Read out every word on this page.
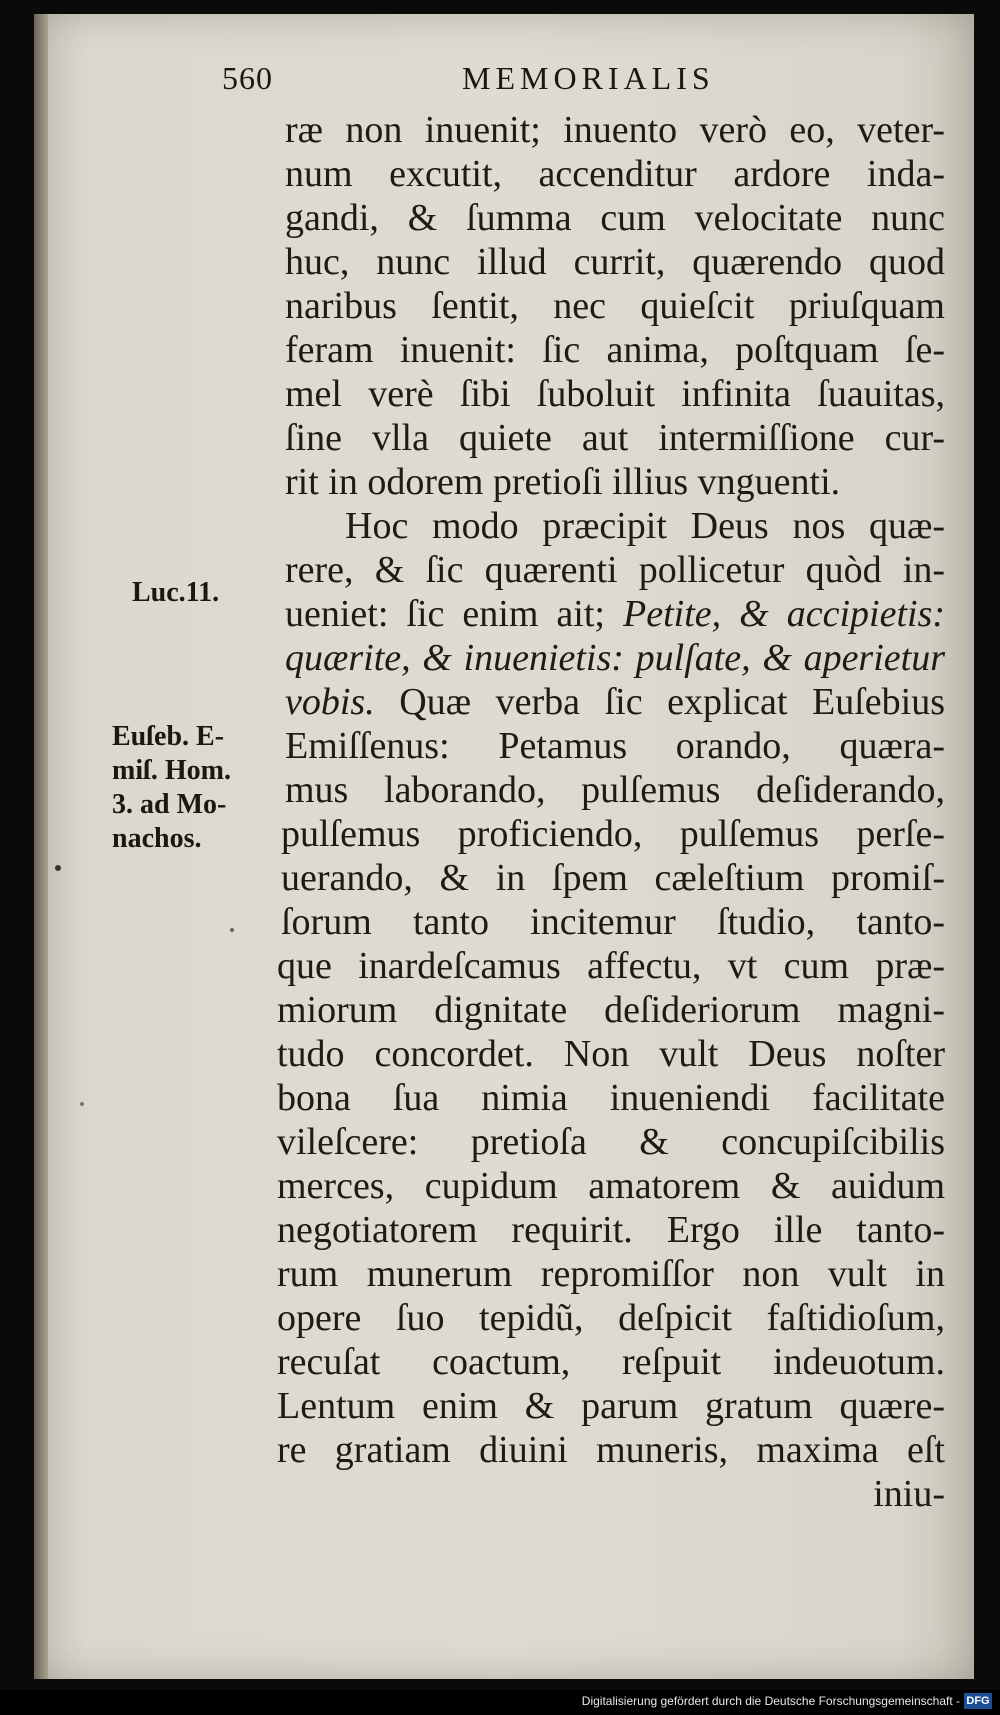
560	MEMORIALIS
Luc.11.
Euſeb. E-
miſ. Hom.
3. ad Mo-
nachos.
ræ non inuenit; inuento verò eo, veter-
num excutit, accenditur ardore inda-
gandi, & ſumma cum velocitate nunc
huc, nunc illud currit, quærendo quod
naribus ſentit, nec quieſcit priuſquam
feram inuenit: ſic anima, poſtquam ſe-
mel verè ſibi ſuboluit infinita ſuauitas,
ſine vlla quiete aut intermiſſione cur-
rit in odorem pretioſi illius vnguenti.
Hoc modo præcipit Deus nos quæ-
rere, & ſic quærenti pollicetur quòd in-
ueniet: ſic enim ait; Petite, & accipietis:
quærite, & inuenietis: pulſate, & aperietur
vobis. Quæ verba ſic explicat Euſebius
Emiſſenus: Petamus orando, quæra-
mus laborando, pulſemus deſiderando,
pulſemus proficiendo, pulſemus perſe-
uerando, & in ſpem cæleſtium promiſ-
ſorum tanto incitemur ſtudio, tanto-
que inardeſcamus affectu, vt cum præ-
miorum dignitate deſideriorum magni-
tudo concordet. Non vult Deus noſter
bona ſua nimia inueniendi facilitate
vileſcere: pretioſa & concupiſcibilis
merces, cupidum amatorem & auidum
negotiatorem requirit. Ergo ille tanto-
rum munerum repromiſſor non vult in
opere ſuo tepidũ, deſpicit faſtidioſum,
recuſat coactum, reſpuit indeuotum.
Lentum enim & parum gratum quære-
re gratiam diuini muneris, maxima eſt
iniu-
Digitalisierung gefördert durch die Deutsche Forschungsgemeinschaft - DFG
